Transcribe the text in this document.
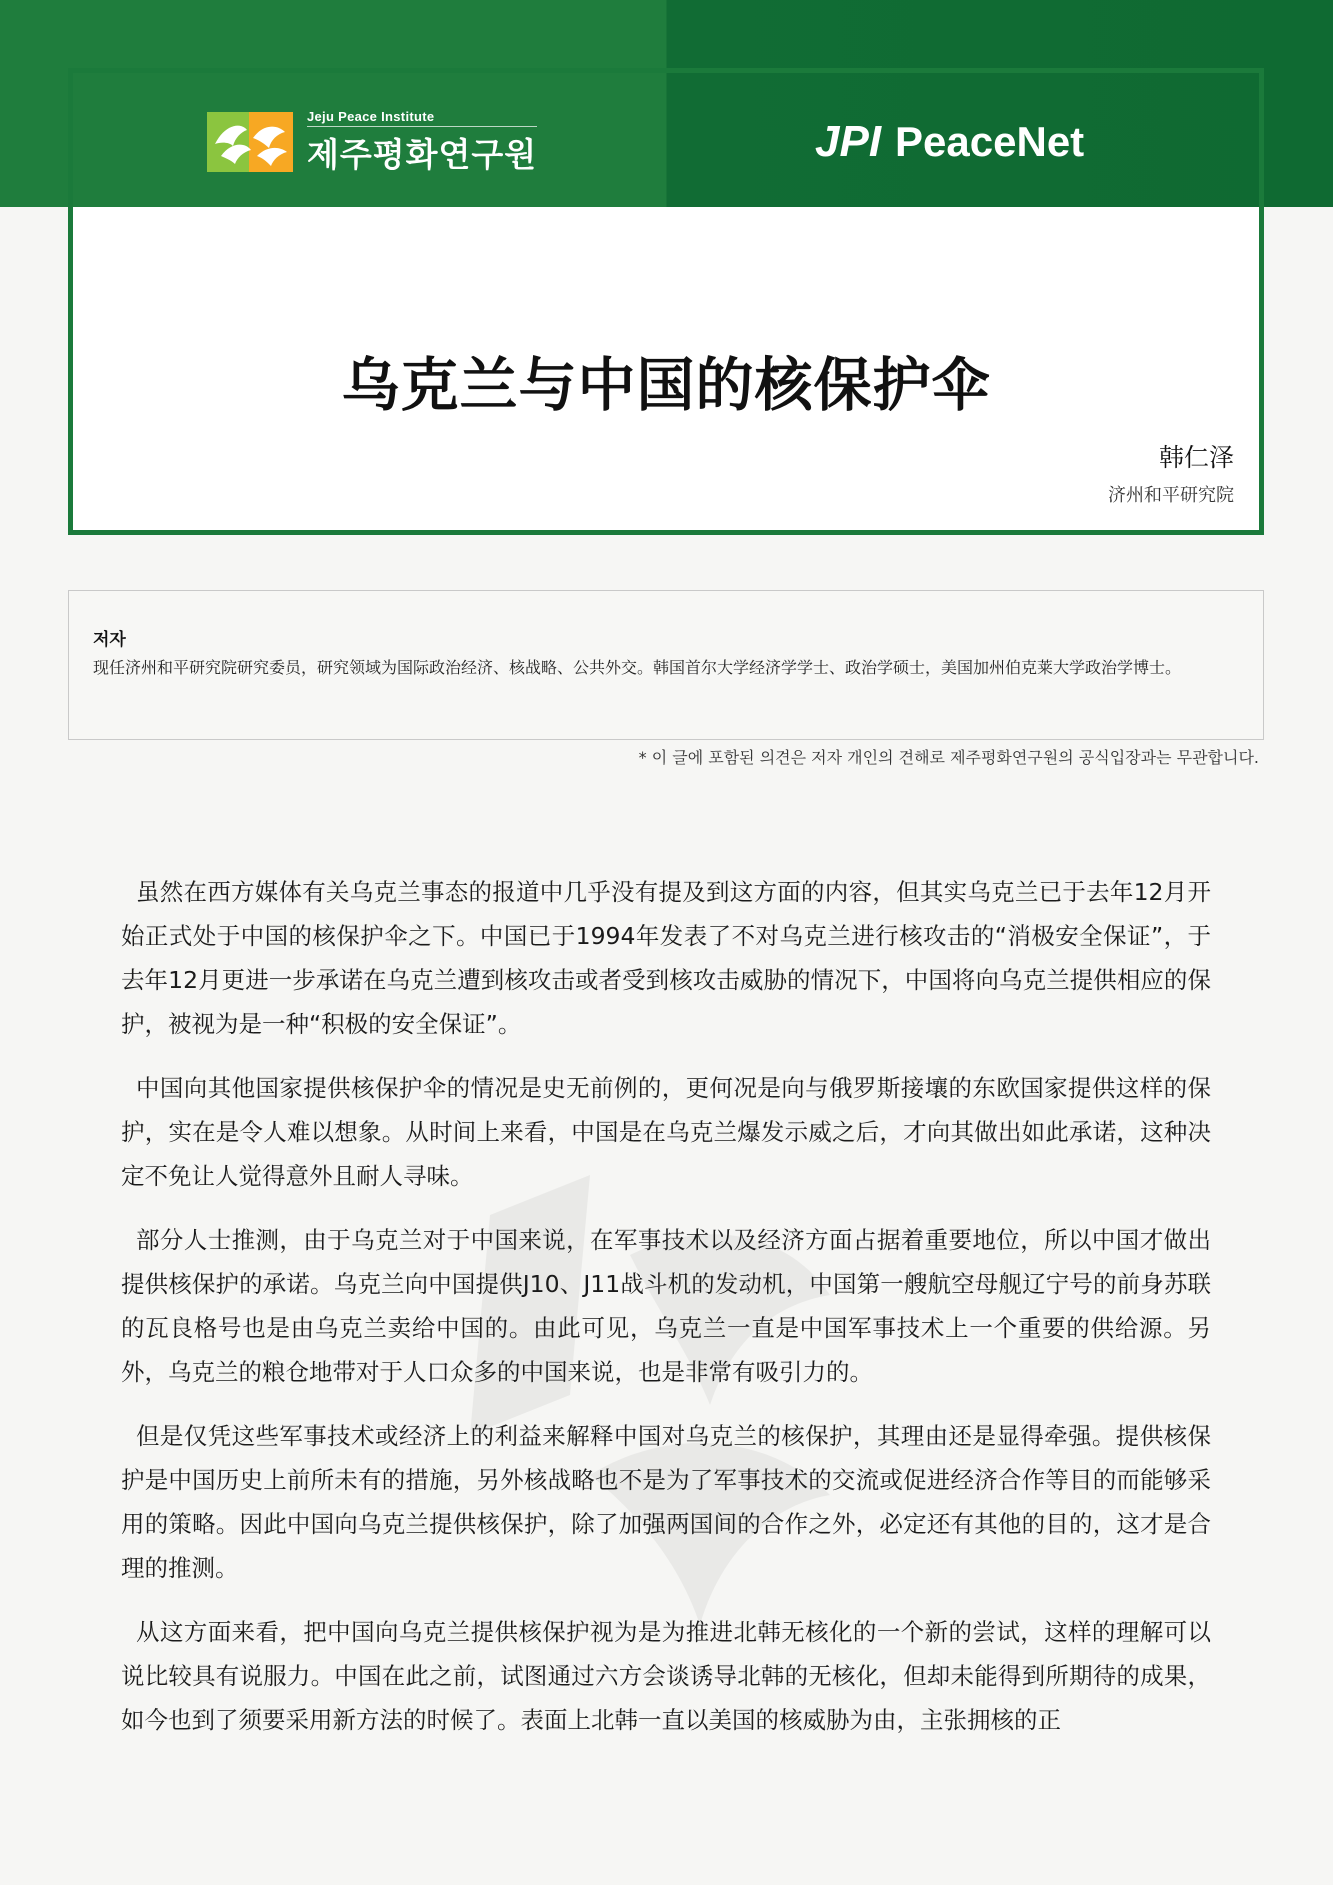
Jeju Peace Institute
제주평화연구원	JPI PeaceNet
乌克兰与中国的核保护伞
韩仁泽
济州和平研究院
저자
现任济州和平研究院研究委员，研究领域为国际政治经济、核战略、公共外交。韩国首尔大学经济学学士、政治学硕士，美国加州伯克莱大学政治学博士。
* 이 글에 포함된 의견은 저자 개인의 견해로 제주평화연구원의 공식입장과는 무관합니다.

虽然在西方媒体有关乌克兰事态的报道中几乎没有提及到这方面的内容，但其实乌克兰已于去年12月开始正式处于中国的核保护伞之下。中国已于1994年发表了不对乌克兰进行核攻击的“消极安全保证”，于去年12月更进一步承诺在乌克兰遭到核攻击或者受到核攻击威胁的情况下，中国将向乌克兰提供相应的保护，被视为是一种“积极的安全保证”。

中国向其他国家提供核保护伞的情况是史无前例的，更何况是向与俄罗斯接壤的东欧国家提供这样的保护，实在是令人难以想象。从时间上来看，中国是在乌克兰爆发示威之后，才向其做出如此承诺，这种决定不免让人觉得意外且耐人寻味。

部分人士推测，由于乌克兰对于中国来说，在军事技术以及经济方面占据着重要地位，所以中国才做出提供核保护的承诺。乌克兰向中国提供J10、J11战斗机的发动机，中国第一艘航空母舰辽宁号的前身苏联的瓦良格号也是由乌克兰卖给中国的。由此可见，乌克兰一直是中国军事技术上一个重要的供给源。另外，乌克兰的粮仓地带对于人口众多的中国来说，也是非常有吸引力的。

但是仅凭这些军事技术或经济上的利益来解释中国对乌克兰的核保护，其理由还是显得牵强。提供核保护是中国历史上前所未有的措施，另外核战略也不是为了军事技术的交流或促进经济合作等目的而能够采用的策略。因此中国向乌克兰提供核保护，除了加强两国间的合作之外，必定还有其他的目的，这才是合理的推测。

从这方面来看，把中国向乌克兰提供核保护视为是为推进北韩无核化的一个新的尝试，这样的理解可以说比较具有说服力。中国在此之前，试图通过六方会谈诱导北韩的无核化，但却未能得到所期待的成果，如今也到了须要采用新方法的时候了。表面上北韩一直以美国的核威胁为由，主张拥核的正
